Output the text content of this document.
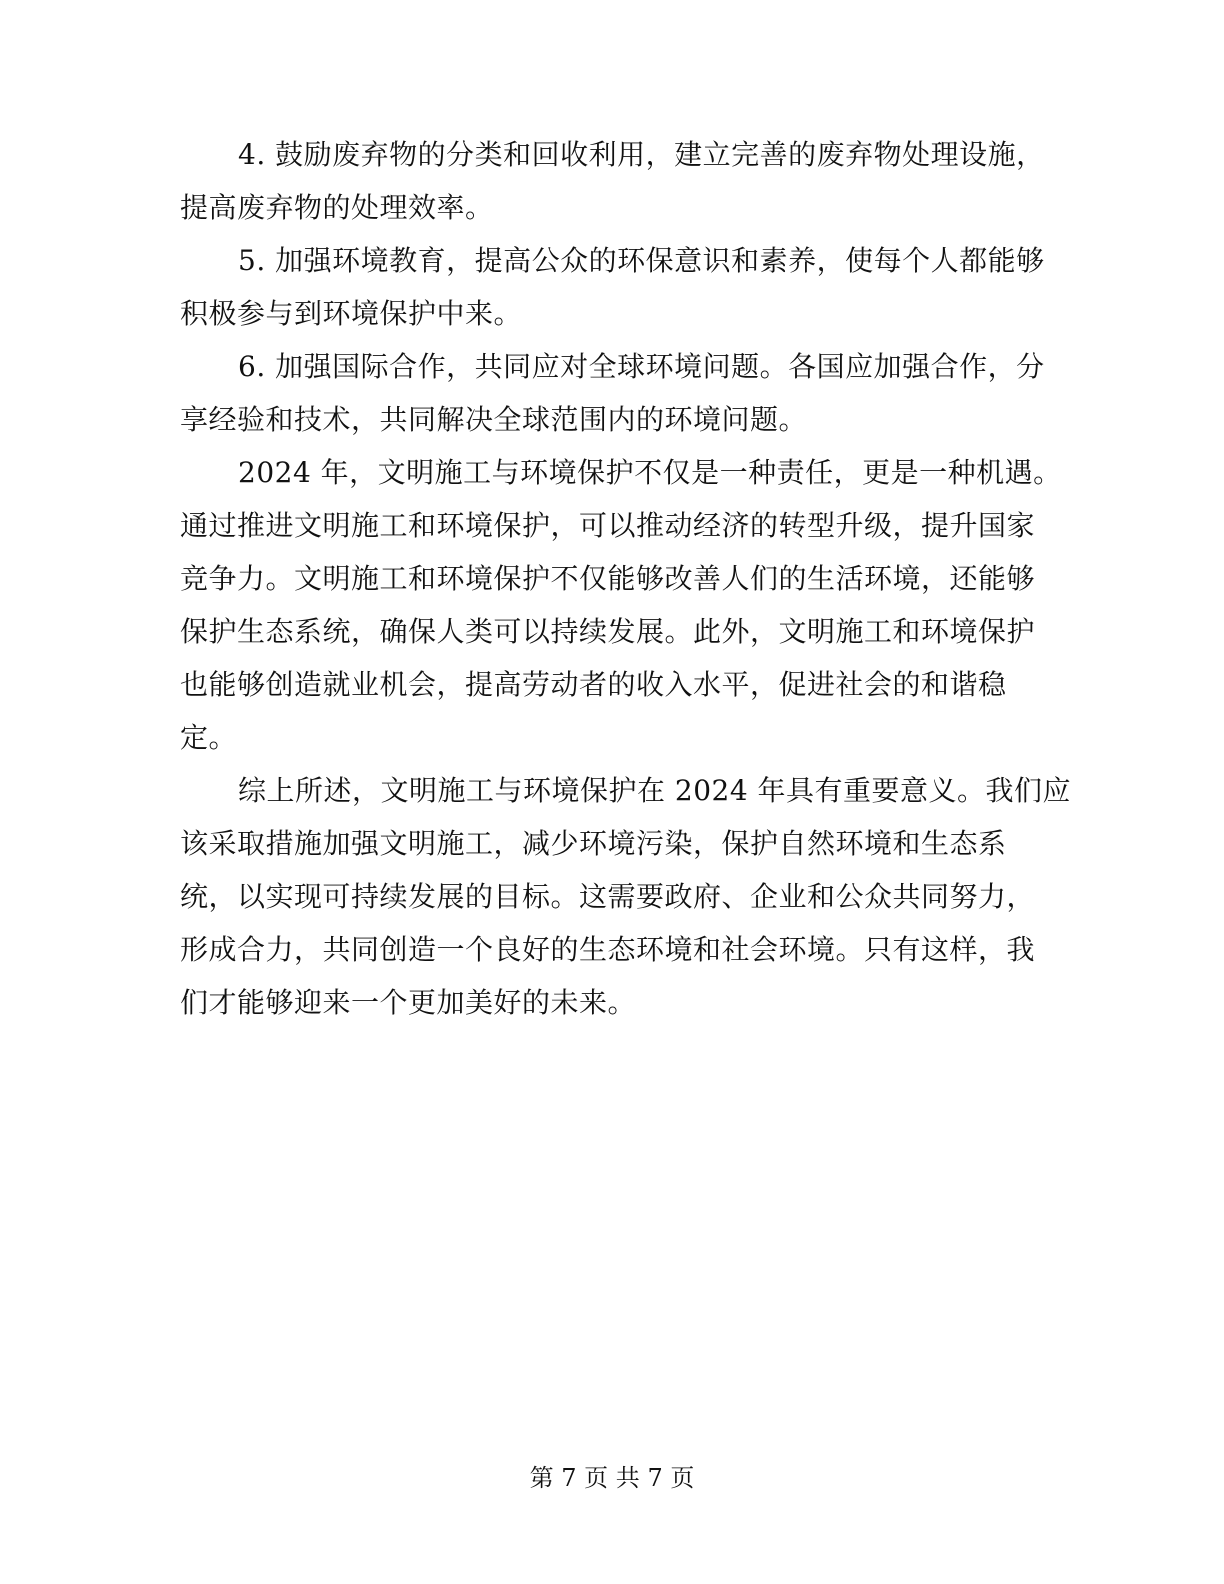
4. 鼓励废弃物的分类和回收利用，建立完善的废弃物处理设施，
提高废弃物的处理效率。

5. 加强环境教育，提高公众的环保意识和素养，使每个人都能够
积极参与到环境保护中来。

6. 加强国际合作，共同应对全球环境问题。各国应加强合作，分
享经验和技术，共同解决全球范围内的环境问题。

2024 年，文明施工与环境保护不仅是一种责任，更是一种机遇。
通过推进文明施工和环境保护，可以推动经济的转型升级，提升国家
竞争力。文明施工和环境保护不仅能够改善人们的生活环境，还能够
保护生态系统，确保人类可以持续发展。此外，文明施工和环境保护
也能够创造就业机会，提高劳动者的收入水平，促进社会的和谐稳
定。

综上所述，文明施工与环境保护在 2024 年具有重要意义。我们应
该采取措施加强文明施工，减少环境污染，保护自然环境和生态系
统，以实现可持续发展的目标。这需要政府、企业和公众共同努力，
形成合力，共同创造一个良好的生态环境和社会环境。只有这样，我
们才能够迎来一个更加美好的未来。

第 7 页 共 7 页
